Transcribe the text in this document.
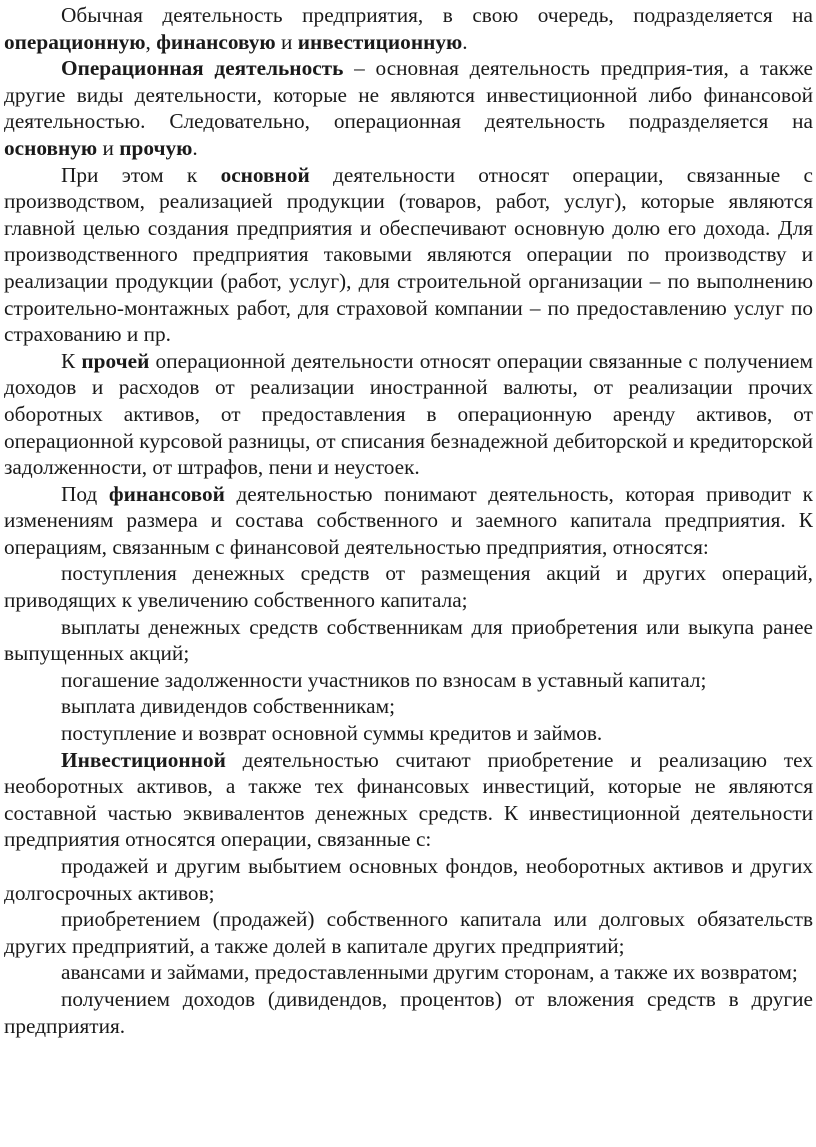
Обычная деятельность предприятия, в свою очередь, подразделяется на операционную, финансовую и инвестиционную.

Операционная деятельность – основная деятельность предприя-тия, а также другие виды деятельности, которые не являются инвестиционной либо финансовой деятельностью. Следовательно, операционная деятельность подразделяется на основную и прочую.

При этом к основной деятельности относят операции, связанные с производством, реализацией продукции (товаров, работ, услуг), которые являются главной целью создания предприятия и обеспечивают основную долю его дохода. Для производственного предприятия таковыми являются операции по производству и реализации продукции (работ, услуг), для строительной организации – по выполнению строительно-монтажных работ, для страховой компании – по предоставлению услуг по страхованию и пр.

К прочей операционной деятельности относят операции связанные с получением доходов и расходов от реализации иностранной валюты, от реализации прочих оборотных активов, от предоставления в операционную аренду активов, от операционной курсовой разницы, от списания безнадежной дебиторской и кредиторской задолженности, от штрафов, пени и неустоек.

Под финансовой деятельностью понимают деятельность, которая приводит к изменениям размера и состава собственного и заемного капитала предприятия. К операциям, связанным с финансовой деятельностью предприятия, относятся:

поступления денежных средств от размещения акций и других операций, приводящих к увеличению собственного капитала;

выплаты денежных средств собственникам для приобретения или выкупа ранее выпущенных акций;

погашение задолженности участников по взносам в уставный капитал;

выплата дивидендов собственникам;

поступление и возврат основной суммы кредитов и займов.

Инвестиционной деятельностью считают приобретение и реализацию тех необоротных активов, а также тех финансовых инвестиций, которые не являются составной частью эквивалентов денежных средств. К инвестиционной деятельности предприятия относятся операции, связанные с:

продажей и другим выбытием основных фондов, необоротных активов и других долгосрочных активов;

приобретением (продажей) собственного капитала или долговых обязательств других предприятий, а также долей в капитале других предприятий;

авансами и займами, предоставленными другим сторонам, а также их возвратом;

получением доходов (дивидендов, процентов) от вложения средств в другие предприятия.
